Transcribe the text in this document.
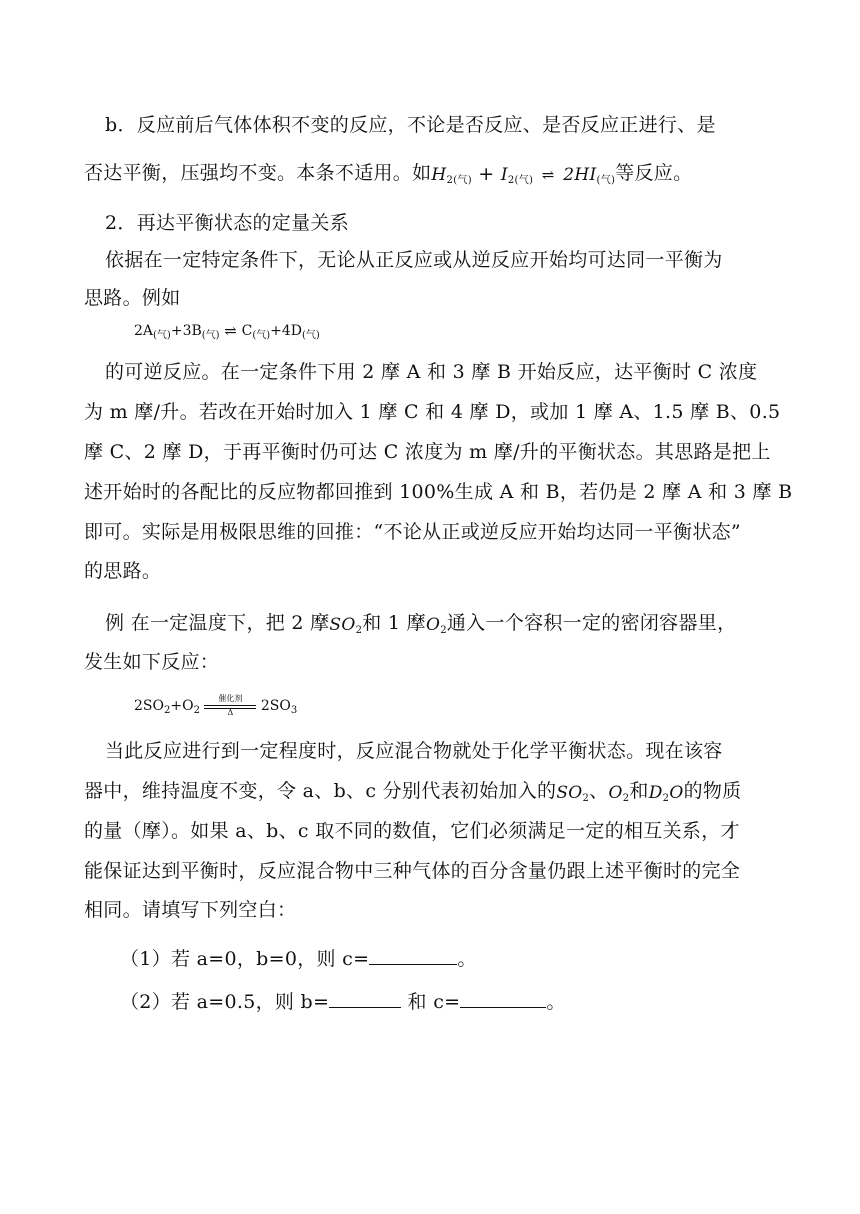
b．反应前后气体体积不变的反应，不论是否反应、是否反应正进行、是
否达平衡，压强均不变。本条不适用。如$H_{2(气)} + I_{2(气)}$ ⇌ $2HI_{(气)}$等反应。
2．再达平衡状态的定量关系
依据在一定特定条件下，无论从正反应或从逆反应开始均可达同一平衡为
思路。例如
$2A_{(气)}+3B_{(气)}$ ⇌ $C_{(气)}+4D_{(气)}$
的可逆反应。在一定条件下用 2 摩 A 和 3 摩 B 开始反应，达平衡时 C 浓度
为 m 摩/升。若改在开始时加入 1 摩 C 和 4 摩 D，或加 1 摩 A、1.5 摩 B、0.5
摩 C、2 摩 D，于再平衡时仍可达 C 浓度为 m 摩/升的平衡状态。其思路是把上
述开始时的各配比的反应物都回推到 100%生成 A 和 B，若仍是 2 摩 A 和 3 摩 B
即可。实际是用极限思维的回推：“不论从正或逆反应开始均达同一平衡状态”
的思路。
例 在一定温度下，把 2 摩$SO_2$和 1 摩$O_2$通入一个容积一定的密闭容器里，
发生如下反应：
$2SO_2+O_2$
催化剂
Δ	$2SO_3$
当此反应进行到一定程度时，反应混合物就处于化学平衡状态。现在该容
器中，维持温度不变，令 a、b、c 分别代表初始加入的$SO_2$、$O_2$和$D_2O$的物质
的量（摩）。如果 a、b、c 取不同的数值，它们必须满足一定的相互关系，才
能保证达到平衡时，反应混合物中三种气体的百分含量仍跟上述平衡时的完全
相同。请填写下列空白：
（1）若 a=0，b=0，则 c=	。
（2）若 a=0.5，则 b=	和 c=	。
